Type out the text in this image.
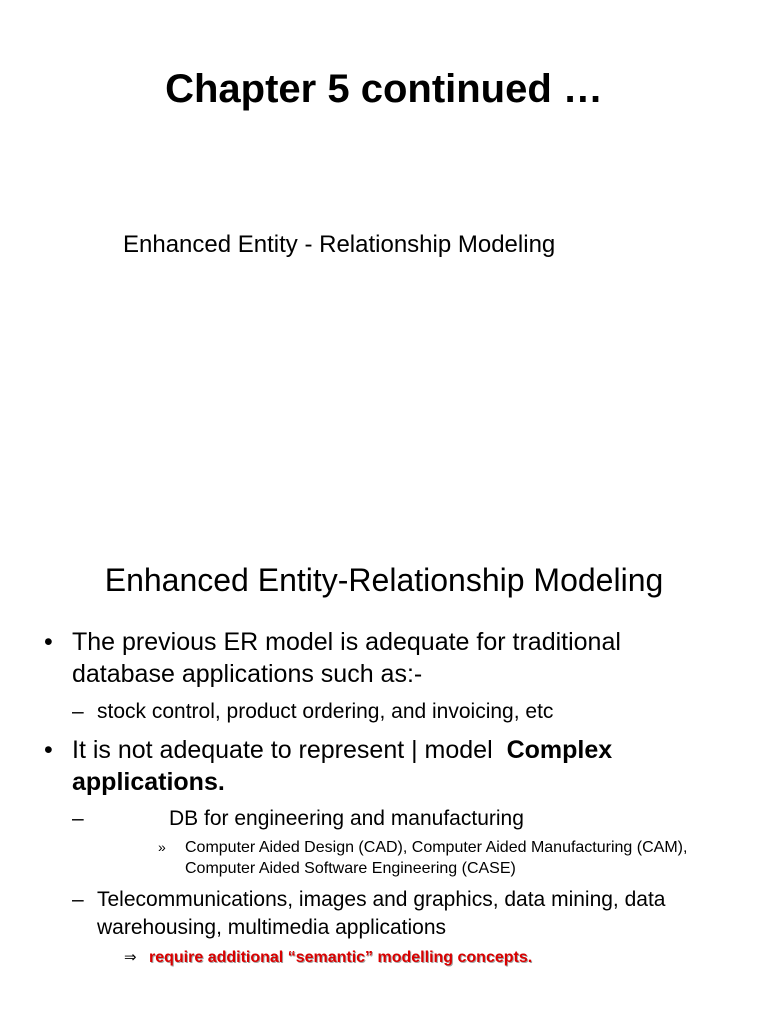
Chapter 5 continued …
Enhanced Entity - Relationship Modeling
Enhanced Entity-Relationship Modeling
• The previous ER model is adequate for traditional database applications such as:-
– stock control, product ordering, and invoicing, etc
• It is not adequate to represent | model Complex applications.
–	DB for engineering and manufacturing
» Computer Aided Design (CAD), Computer Aided Manufacturing (CAM), Computer Aided Software Engineering (CASE)
– Telecommunications, images and graphics, data mining, data warehousing, multimedia applications
⇒ require additional “semantic” modelling concepts.
